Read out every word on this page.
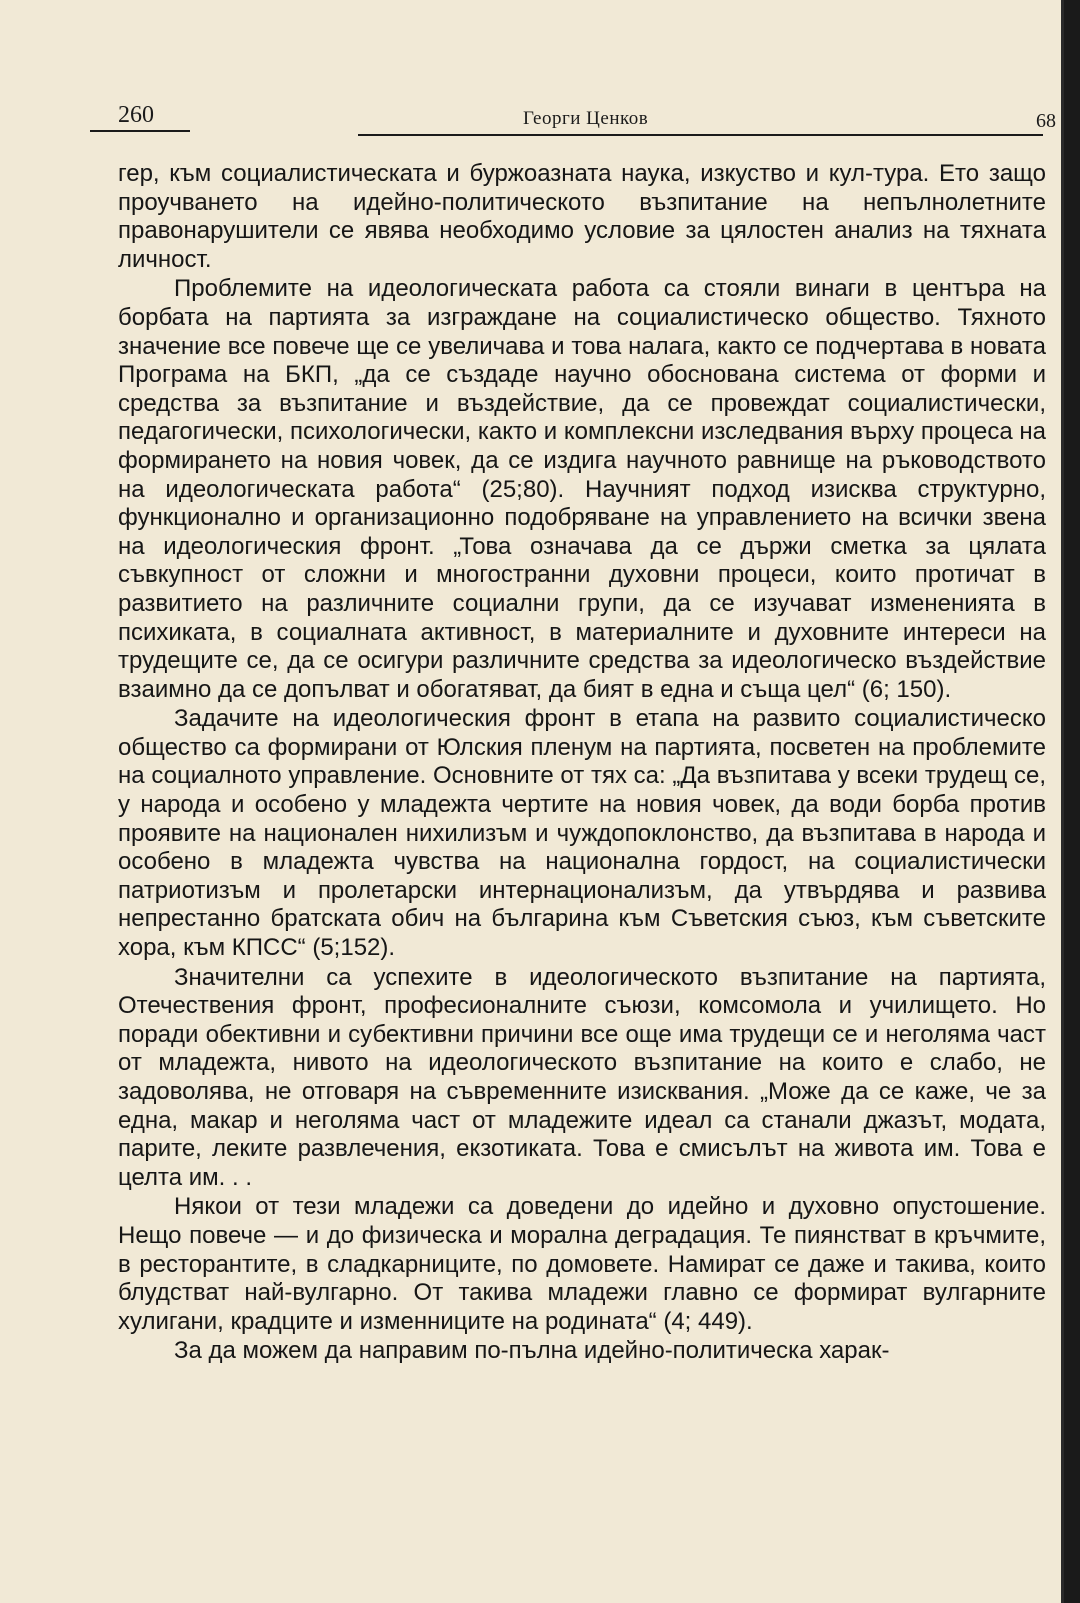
260	Георги Ценков	68

гер, към социалистическата и буржоазната наука, изкуство и кул-тура. Ето защо проучването на идейно-политическото възпитание на непълнолетните правонарушители се явява необходимо условие за цялостен анализ на тяхната личност.

Проблемите на идеологическата работа са стояли винаги в центъра на борбата на партията за изграждане на социалистическо общество. Тяхното значение все повече ще се увеличава и това налага, както се подчертава в новата Програма на БКП, „да се създаде научно обоснована система от форми и средства за възпитание и въздействие, да се провеждат социалистически, педагогически, психологически, както и комплексни изследвания върху процеса на формирането на новия човек, да се издига научното равнище на ръководството на идеологическата работа“ (25;80). Научният подход изисква структурно, функционално и организационно подобряване на управлението на всички звена на идеологическия фронт. „Това означава да се държи сметка за цялата съвкупност от сложни и многостранни духовни процеси, които протичат в развитието на различните социални групи, да се изучават измененията в психиката, в социалната активност, в материалните и духовните интереси на трудещите се, да се осигури различните средства за идеологическо въздействие взаимно да се допълват и обогатяват, да бият в една и съща цел“ (6; 150).

Задачите на идеологическия фронт в етапа на развито социалистическо общество са формирани от Юлския пленум на партията, посветен на проблемите на социалното управление. Основните от тях са: „Да възпитава у всеки трудещ се, у народа и особено у младежта чертите на новия човек, да води борба против проявите на национален нихилизъм и чуждопоклонство, да възпитава в народа и особено в младежта чувства на национална гордост, на социалистически патриотизъм и пролетарски интернационализъм, да утвърдява и развива непрестанно братската обич на българина към Съветския съюз, към съветските хора, към КПСС“ (5;152).

Значителни са успехите в идеологическото възпитание на партията, Отечествения фронт, професионалните съюзи, комсомола и училището. Но поради обективни и субективни причини все още има трудещи се и неголяма част от младежта, нивото на идеологическото възпитание на които е слабо, не задоволява, не отговаря на съвременните изисквания. „Може да се каже, че за една, макар и неголяма част от младежите идеал са станали джазът, модата, парите, леките развлечения, екзотиката. Това е смисълът на живота им. Това е целта им. . .

Някои от тези младежи са доведени до идейно и духовно опустошение. Нещо повече — и до физическа и морална деградация. Те пиянстват в кръчмите, в ресторантите, в сладкарниците, по домовете. Намират се даже и такива, които блудстват най-вулгарно. От такива младежи главно се формират вулгарните хулигани, крадците и изменниците на родината“ (4; 449).

За да можем да направим по-пълна идейно-политическа харак-
